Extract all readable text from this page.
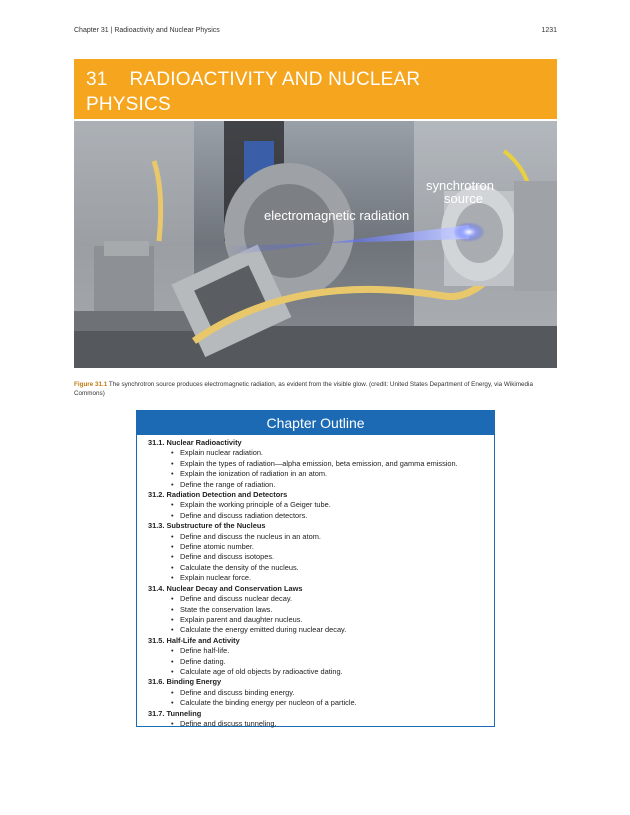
Chapter 31 | Radioactivity and Nuclear Physics	1231
31 RADIOACTIVITY AND NUCLEAR
PHYSICS
synchrotron
source
electromagnetic radiation
Figure 31.1 The synchrotron source produces electromagnetic radiation, as evident from the visible glow. (credit: United States Department of Energy, via Wikimedia Commons)
Chapter Outline
31.1. Nuclear Radioactivity
• Explain nuclear radiation.
• Explain the types of radiation—alpha emission, beta emission, and gamma emission.
• Explain the ionization of radiation in an atom.
• Define the range of radiation.
31.2. Radiation Detection and Detectors
• Explain the working principle of a Geiger tube.
• Define and discuss radiation detectors.
31.3. Substructure of the Nucleus
• Define and discuss the nucleus in an atom.
• Define atomic number.
• Define and discuss isotopes.
• Calculate the density of the nucleus.
• Explain nuclear force.
31.4. Nuclear Decay and Conservation Laws
• Define and discuss nuclear decay.
• State the conservation laws.
• Explain parent and daughter nucleus.
• Calculate the energy emitted during nuclear decay.
31.5. Half-Life and Activity
• Define half-life.
• Define dating.
• Calculate age of old objects by radioactive dating.
31.6. Binding Energy
• Define and discuss binding energy.
• Calculate the binding energy per nucleon of a particle.
31.7. Tunneling
• Define and discuss tunneling.
